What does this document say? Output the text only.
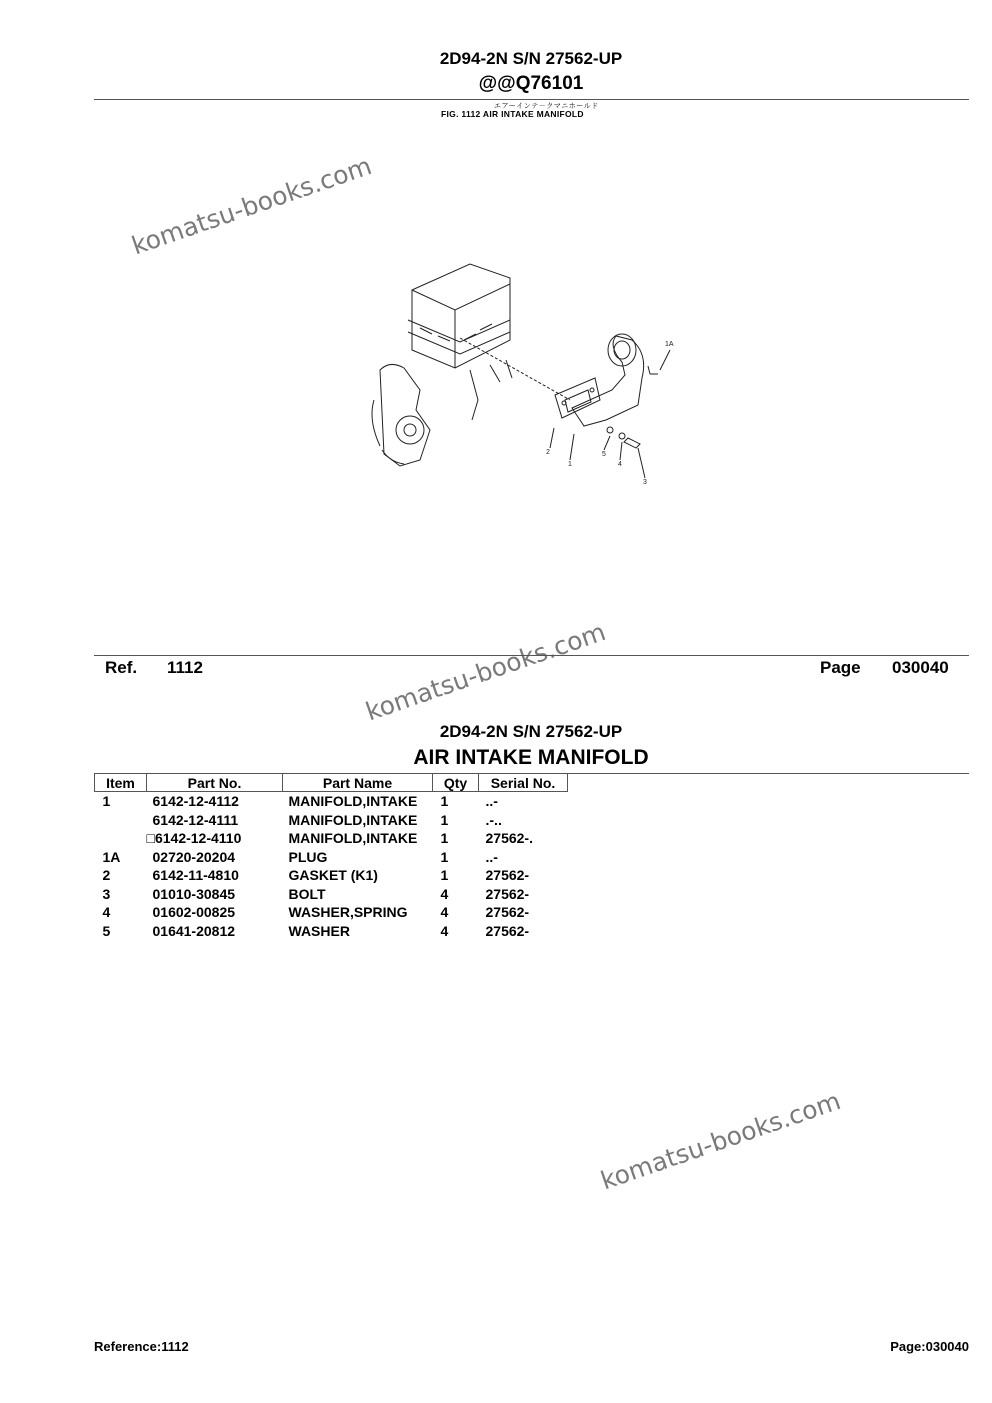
2D94-2N S/N 27562-UP
@@Q76101
エアーインテ－クマニホールド
FIG. 1112 AIR INTAKE MANIFOLD
komatsu-books.com
1A
2
1
5
4
3
komatsu-books.com
Ref. 1112	Page 030040
2D94-2N S/N 27562-UP
AIR INTAKE MANIFOLD
Item	Part No.	Part Name	Qty	Serial No.
1	6142-12-4112	MANIFOLD,INTAKE	1	..-
	6142-12-4111	MANIFOLD,INTAKE	1	.-..
	□6142-12-4110	MANIFOLD,INTAKE	1	27562-.
1A	02720-20204	PLUG	1	..-
2	6142-11-4810	GASKET (K1)	1	27562-
3	01010-30845	BOLT	4	27562-
4	01602-00825	WASHER,SPRING	4	27562-
5	01641-20812	WASHER	4	27562-
komatsu-books.com
Reference:1112	Page:030040
